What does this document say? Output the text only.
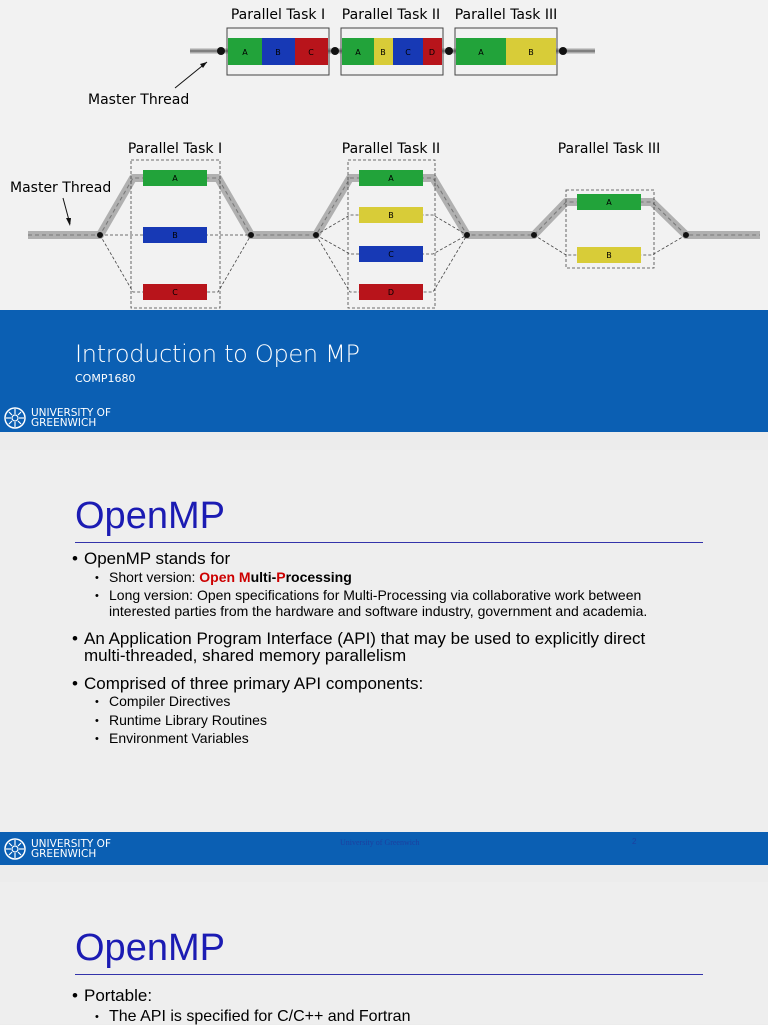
Parallel Task I Parallel Task II Parallel Task III
A	B	C	A B C D	A	B
Master Thread
Parallel Task I	Parallel Task II	Parallel Task III
Master Thread
A
B
C
A
B
C
D
A
B
Introduction to Open MP
COMP1680
UNIVERSITY OF
GREENWICH
OpenMP
• OpenMP stands for
• Short version: Open Multi-Processing
• Long version: Open specifications for Multi-Processing via collaborative work between
interested parties from the hardware and software industry, government and academia.
• An Application Program Interface (API) that may be used to explicitly direct
multi-threaded, shared memory parallelism
• Comprised of three primary API components:
• Compiler Directives
• Runtime Library Routines
• Environment Variables
UNIVERSITY OF
GREENWICH
University of Greenwich	2
OpenMP
• Portable:
• The API is specified for C/C++ and Fortran
